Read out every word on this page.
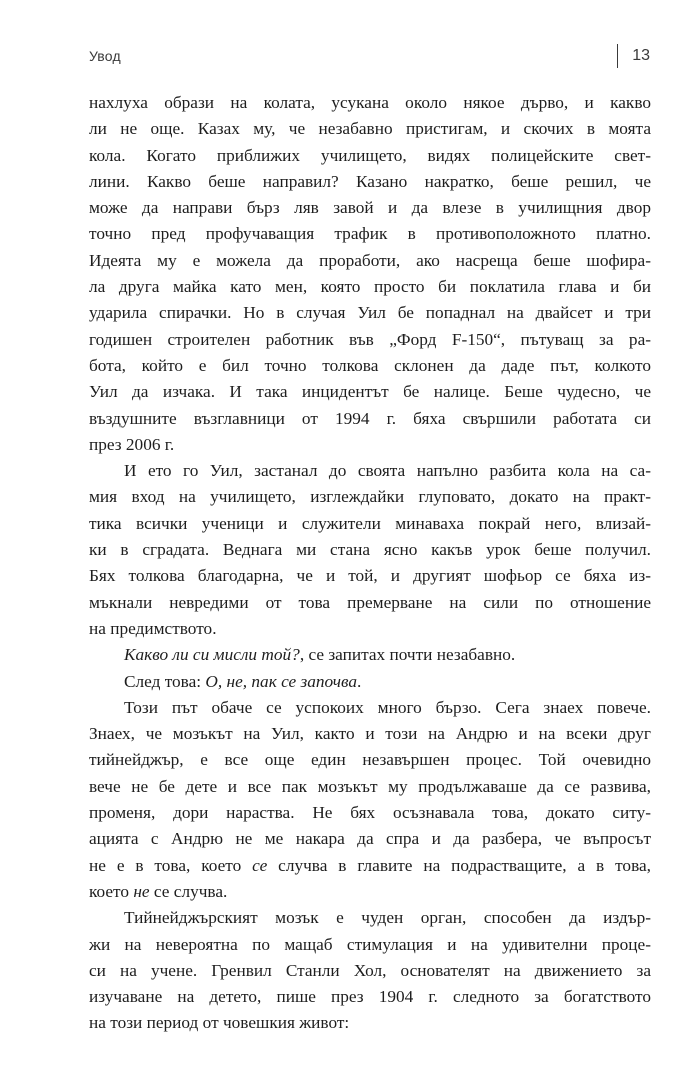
Увод	13
нахлуха образи на колата, усукана около някое дърво, и какво
ли не още. Казах му, че незабавно пристигам, и скочих в моята
кола. Когато приближих училището, видях полицейските свет-
лини. Какво беше направил? Казано накратко, беше решил, че
може да направи бърз ляв завой и да влезе в училищния двор
точно пред профучаващия трафик в противоположното платно.
Идеята му е можела да проработи, ако насреща беше шофира-
ла друга майка като мен, която просто би поклатила глава и би
ударила спирачки. Но в случая Уил бе попаднал на двайсет и три
годишен строителен работник във „Форд F-150“, пътуващ за ра-
бота, който е бил точно толкова склонен да даде път, колкото
Уил да изчака. И така инцидентът бе налице. Беше чудесно, че
въздушните възглавници от 1994 г. бяха свършили работата си
през 2006 г.
И ето го Уил, застанал до своята напълно разбита кола на са-
мия вход на училището, изглеждайки глуповато, докато на практ-
тика всички ученици и служители минаваха покрай него, влизай-
ки в сградата. Веднага ми стана ясно какъв урок беше получил.
Бях толкова благодарна, че и той, и другият шофьор се бяха из-
мъкнали невредими от това премерване на сили по отношение
на предимството.
Какво ли си мисли той?, се запитах почти незабавно.
След това: О, не, пак се започва.
Този път обаче се успокоих много бързо. Сега знаех повече.
Знаех, че мозъкът на Уил, както и този на Андрю и на всеки друг
тийнейджър, е все още един незавършен процес. Той очевидно
вече не бе дете и все пак мозъкът му продължаваше да се развива,
променя, дори нараства. Не бях осъзнавала това, докато ситу-
ацията с Андрю не ме накара да спра и да разбера, че въпросът
не е в това, което се случва в главите на подрастващите, а в това,
което не се случва.
Тийнейджърският мозък е чуден орган, способен да издър-
жи на невероятна по мащаб стимулация и на удивителни проце-
си на учене. Гренвил Станли Хол, основателят на движението за
изучаване на детето, пише през 1904 г. следното за богатството
на този период от човешкия живот:
